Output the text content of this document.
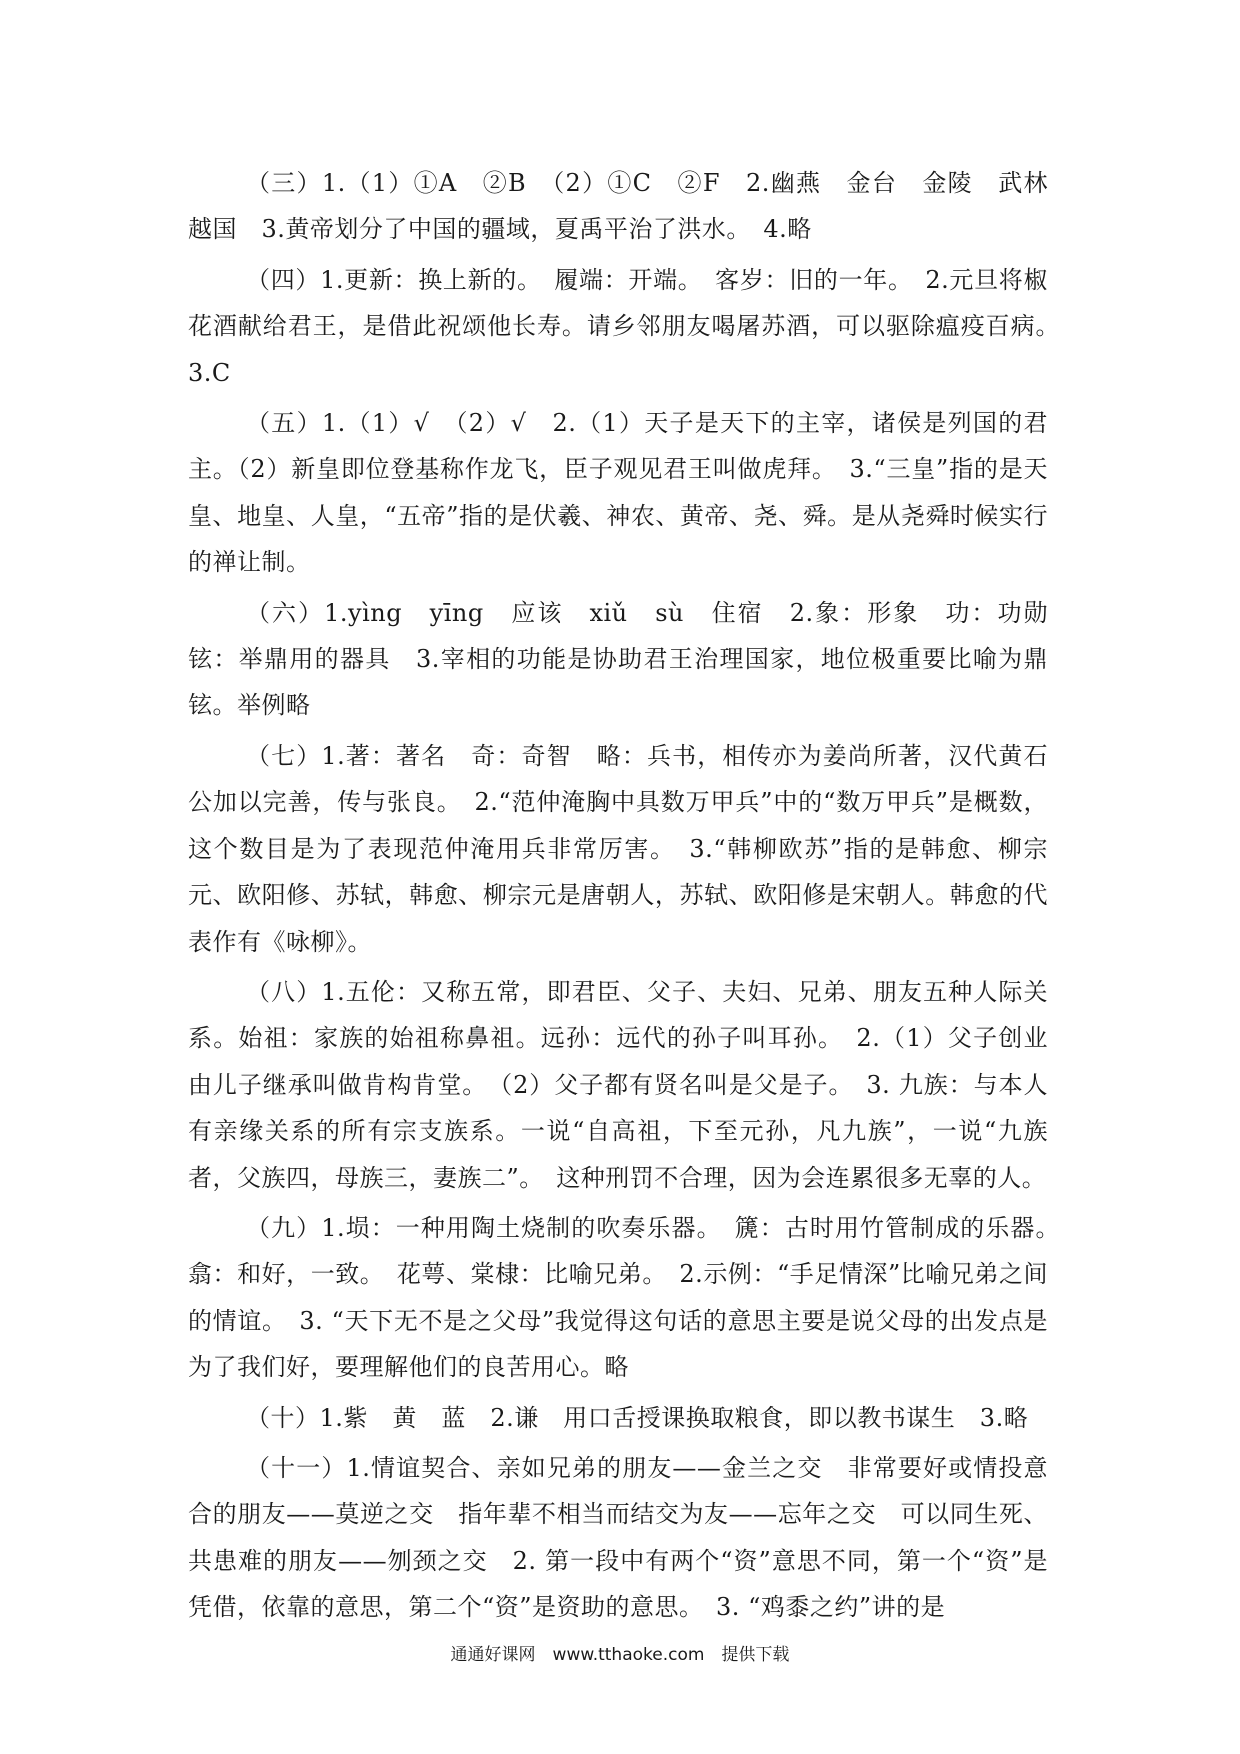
（三）1.（1）①A　②B　（2）①C　②F　2.幽燕　金台　金陵　武林　越国　3.黄帝划分了中国的疆域，夏禹平治了洪水。　4.略

（四）1.更新：换上新的。　履端：开端。　客岁：旧的一年。　2.元旦将椒花酒献给君王，是借此祝颂他长寿。请乡邻朋友喝屠苏酒，可以驱除瘟疫百病。　3.C

（五）1.（1）√　（2）√　2.（1）天子是天下的主宰，诸侯是列国的君主。（2）新皇即位登基称作龙飞，臣子观见君王叫做虎拜。　3.“三皇”指的是天皇、地皇、人皇，“五帝”指的是伏羲、神农、黄帝、尧、舜。是从尧舜时候实行的禅让制。

（六）1.yìng　yīng　应该　xiǔ　sù　住宿　2.象：形象　功：功勋　铉：举鼎用的器具　3.宰相的功能是协助君王治理国家，地位极重要比喻为鼎铉。举例略

（七）1.著：著名　奇：奇智　略：兵书，相传亦为姜尚所著，汉代黄石公加以完善，传与张良。　2.“范仲淹胸中具数万甲兵”中的“数万甲兵”是概数，这个数目是为了表现范仲淹用兵非常厉害。　3.“韩柳欧苏”指的是韩愈、柳宗元、欧阳修、苏轼，韩愈、柳宗元是唐朝人，苏轼、欧阳修是宋朝人。韩愈的代表作有《咏柳》。

（八）1.五伦：又称五常，即君臣、父子、夫妇、兄弟、朋友五种人际关系。始祖：家族的始祖称鼻祖。远孙：远代的孙子叫耳孙。　2.（1）父子创业由儿子继承叫做肯构肯堂。　（2）父子都有贤名叫是父是子。　3. 九族：与本人有亲缘关系的所有宗支族系。一说“自高祖，下至元孙，凡九族”，一说“九族者，父族四，母族三，妻族二”。　这种刑罚不合理，因为会连累很多无辜的人。

（九）1.埙：一种用陶土烧制的吹奏乐器。　篪：古时用竹管制成的乐器。　翕：和好，一致。　花萼、棠棣：比喻兄弟。　2.示例：“手足情深”比喻兄弟之间的情谊。　3. “天下无不是之父母”我觉得这句话的意思主要是说父母的出发点是为了我们好，要理解他们的良苦用心。略

（十）1.紫　黄　蓝　2.谦　用口舌授课换取粮食，即以教书谋生　3.略

（十一）1.情谊契合、亲如兄弟的朋友——金兰之交　非常要好或情投意合的朋友——莫逆之交　指年辈不相当而结交为友——忘年之交　可以同生死、共患难的朋友——刎颈之交　2. 第一段中有两个“资”意思不同，第一个“资”是凭借，依靠的意思，第二个“资”是资助的意思。　3. “鸡黍之约”讲的是

通通好课网　www.tthaoke.com　提供下载
